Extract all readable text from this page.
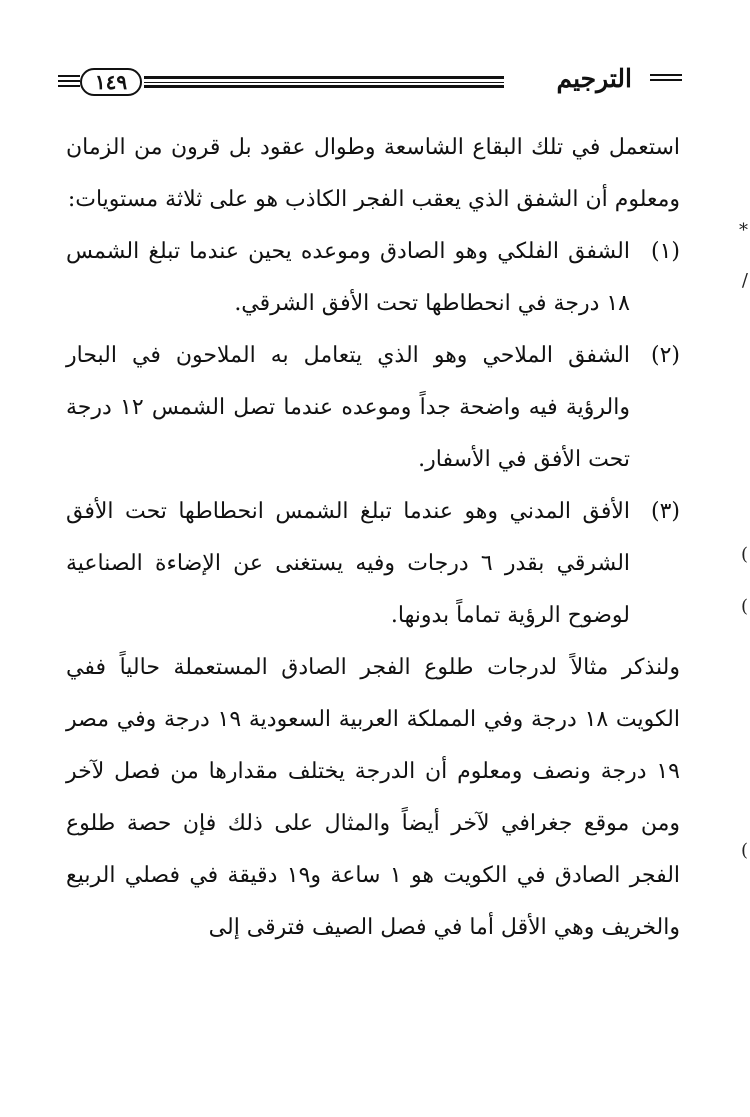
الترجيم
١٤٩

استعمل في تلك البقاع الشاسعة وطوال عقود بل قرون من الزمان ومعلوم أن الشفق الذي يعقب الفجر الكاذب هو على ثلاثة مستويات:

(١)
الشفق الفلكي وهو الصادق وموعده يحين عندما تبلغ الشمس ١٨ درجة في انحطاطها تحت الأفق الشرقي.
(٢)
الشفق الملاحي وهو الذي يتعامل به الملاحون في البحار والرؤية فيه واضحة جداً وموعده عندما تصل الشمس ١٢ درجة تحت الأفق في الأسفار.
(٣)
الأفق المدني وهو عندما تبلغ الشمس انحطاطها تحت الأفق الشرقي بقدر ٦ درجات وفيه يستغنى عن الإضاءة الصناعية لوضوح الرؤية تماماً بدونها.

ولنذكر مثالاً لدرجات طلوع الفجر الصادق المستعملة حالياً ففي الكويت ١٨ درجة وفي المملكة العربية السعودية ١٩ درجة وفي مصر ١٩ درجة ونصف ومعلوم أن الدرجة يختلف مقدارها من فصل لآخر ومن موقع جغرافي لآخر أيضاً والمثال على ذلك فإن حصة طلوع الفجر الصادق في الكويت هو ١ ساعة و١٩ دقيقة في فصلي الربيع والخريف وهي الأقل أما في فصل الصيف فترقى إلى

*
/
(
(
(
